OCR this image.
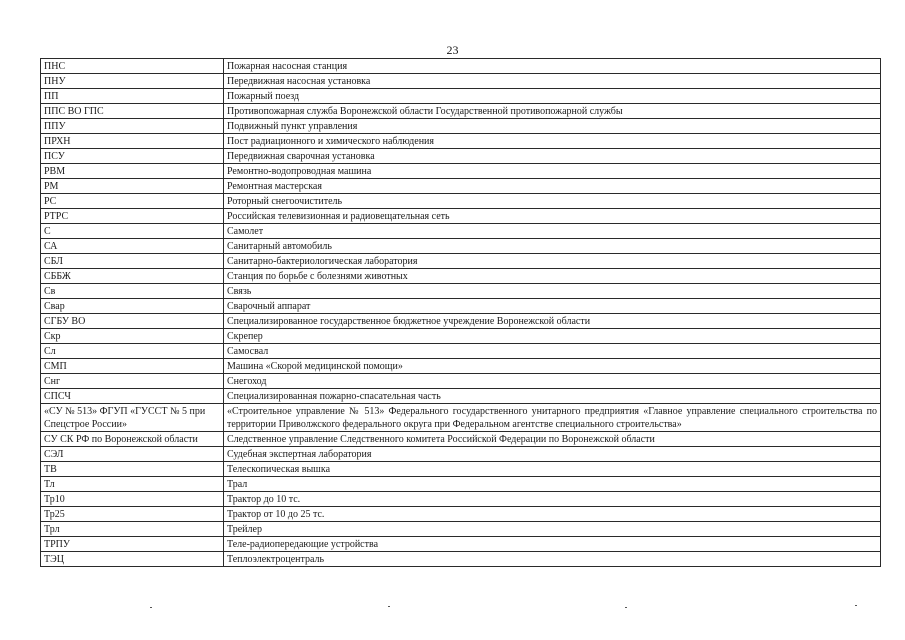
23
ПНС	Пожарная насосная станция
ПНУ	Передвижная насосная установка
ПП	Пожарный поезд
ППС ВО ГПС	Противопожарная служба Воронежской области Государственной противопожарной службы
ППУ	Подвижный пункт управления
ПРХН	Пост радиационного и химического наблюдения
ПСУ	Передвижная сварочная установка
РВМ	Ремонтно-водопроводная машина
РМ	Ремонтная мастерская
РС	Роторный снегоочиститель
РТРС	Российская телевизионная и радиовещательная сеть
С	Самолет
СА	Санитарный автомобиль
СБЛ	Санитарно-бактериологическая лаборатория
СББЖ	Станция по борьбе с болезнями животных
Св	Связь
Свар	Сварочный аппарат
СГБУ ВО	Специализированное государственное бюджетное учреждение Воронежской области
Скр	Скрепер
Сл	Самосвал
СМП	Машина «Скорой медицинской помощи»
Снг	Снегоход
СПСЧ	Специализированная пожарно-спасательная часть
«СУ № 513» ФГУП «ГУССТ № 5 при Спецстрое России»	«Строительное управление № 513» Федерального государственного унитарного предприятия «Главное управление специального строительства по территории Приволжского федерального округа при Федеральном агентстве специального строительства»
СУ СК РФ по Воронежской области	Следственное управление Следственного комитета Российской Федерации по Воронежской области
СЭЛ	Судебная экспертная лаборатория
ТВ	Телескопическая вышка
Тл	Трал
Тр10	Трактор до 10 тс.
Тр25	Трактор от 10 до 25 тс.
Трл	Трейлер
ТРПУ	Теле-радиопередающие устройства
ТЭЦ	Теплоэлектроцентраль
